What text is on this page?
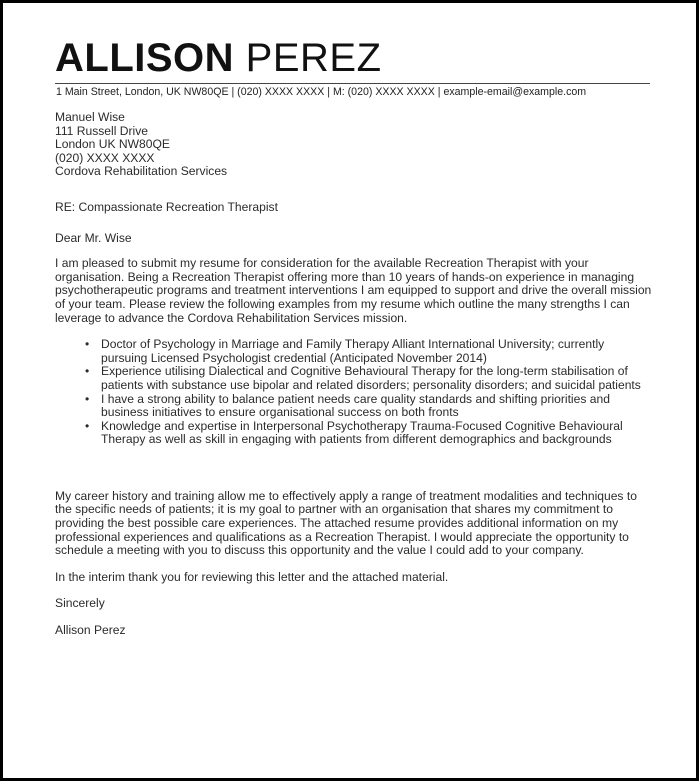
ALLISON PEREZ
1 Main Street, London, UK NW80QE | (020) XXXX XXXX | M: (020) XXXX XXXX | example-email@example.com
Manuel Wise
111 Russell Drive
London UK NW80QE
(020) XXXX XXXX
Cordova Rehabilitation Services
RE: Compassionate Recreation Therapist
Dear Mr. Wise

I am pleased to submit my resume for consideration for the available Recreation Therapist with your organisation. Being a Recreation Therapist offering more than 10 years of hands-on experience in managing psychotherapeutic programs and treatment interventions I am equipped to support and drive the overall mission of your team. Please review the following examples from my resume which outline the many strengths I can leverage to advance the Cordova Rehabilitation Services mission.

• Doctor of Psychology in Marriage and Family Therapy Alliant International University; currently pursuing Licensed Psychologist credential (Anticipated November 2014)
• Experience utilising Dialectical and Cognitive Behavioural Therapy for the long-term stabilisation of patients with substance use bipolar and related disorders; personality disorders; and suicidal patients
• I have a strong ability to balance patient needs care quality standards and shifting priorities and business initiatives to ensure organisational success on both fronts
• Knowledge and expertise in Interpersonal Psychotherapy Trauma-Focused Cognitive Behavioural Therapy as well as skill in engaging with patients from different demographics and backgrounds

My career history and training allow me to effectively apply a range of treatment modalities and techniques to the specific needs of patients; it is my goal to partner with an organisation that shares my commitment to providing the best possible care experiences. The attached resume provides additional information on my professional experiences and qualifications as a Recreation Therapist. I would appreciate the opportunity to schedule a meeting with you to discuss this opportunity and the value I could add to your company.

In the interim thank you for reviewing this letter and the attached material.

Sincerely
Allison Perez
